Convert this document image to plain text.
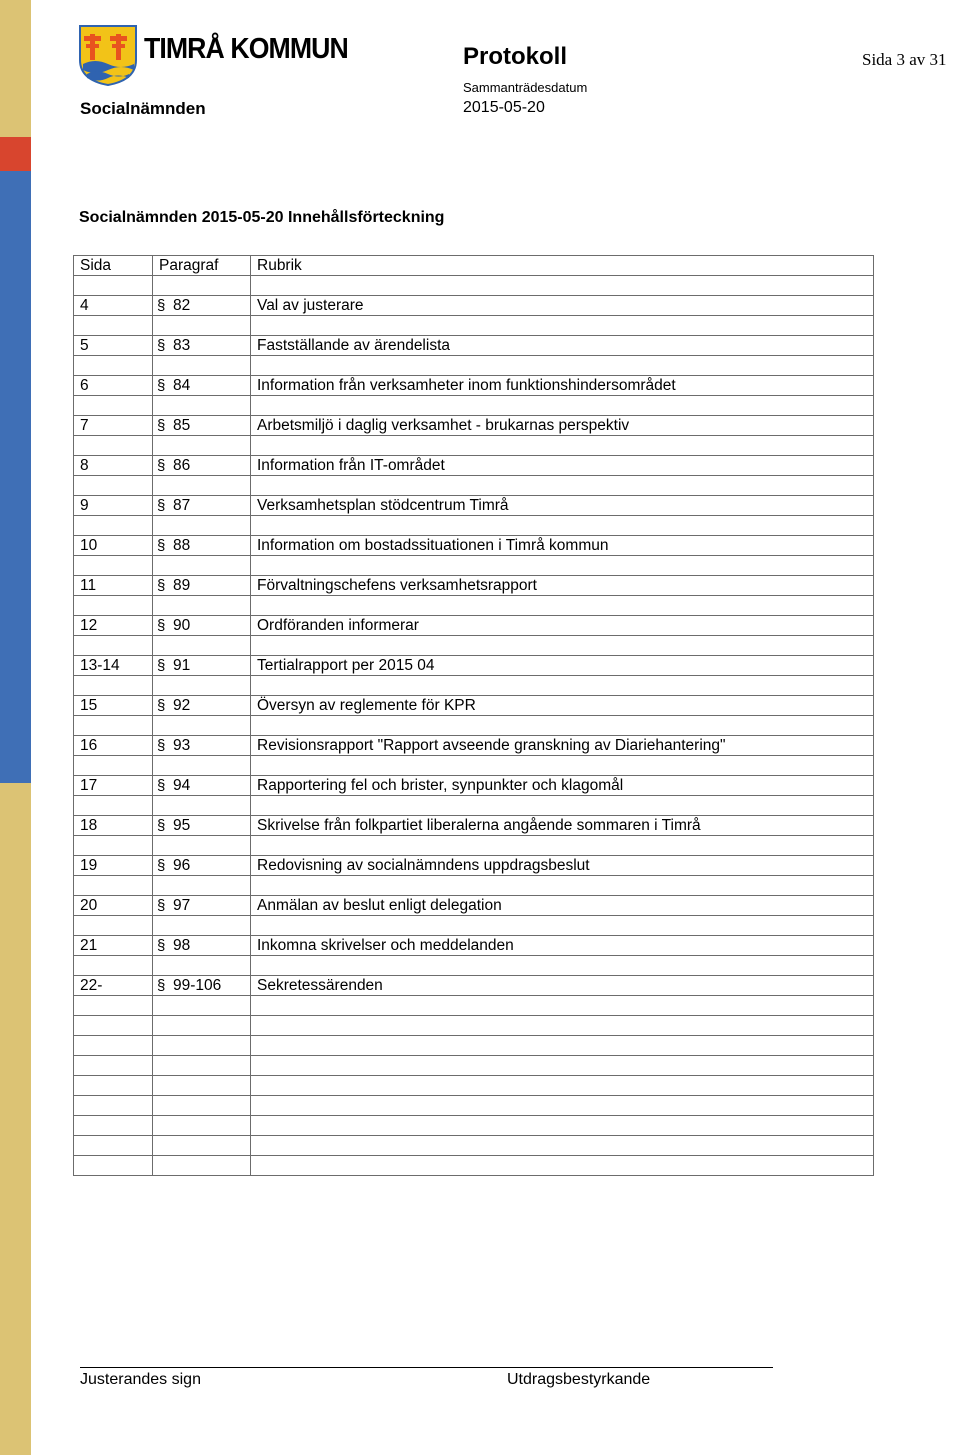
TIMRÅ KOMMUN
Socialnämnden
Protokoll
Sammanträdesdatum
2015-05-20
Sida 3 av 31
Socialnämnden 2015-05-20 Innehållsförteckning
Sida	Paragraf	Rubrik

4	§ 82	Val av justerare

5	§ 83	Fastställande av ärendelista

6	§ 84	Information från verksamheter inom funktionshindersområdet

7	§ 85	Arbetsmiljö i daglig verksamhet - brukarnas perspektiv

8	§ 86	Information från IT-området

9	§ 87	Verksamhetsplan stödcentrum Timrå

10	§ 88	Information om bostadssituationen i Timrå kommun

11	§ 89	Förvaltningschefens verksamhetsrapport

12	§ 90	Ordföranden informerar

13-14	§ 91	Tertialrapport per 2015 04

15	§ 92	Översyn av reglemente för KPR

16	§ 93	Revisionsrapport "Rapport avseende granskning av Diariehantering"

17	§ 94	Rapportering fel och brister, synpunkter och klagomål

18	§ 95	Skrivelse från folkpartiet liberalerna angående sommaren i Timrå

19	§ 96	Redovisning av socialnämndens uppdragsbeslut

20	§ 97	Anmälan av beslut enligt delegation

21	§ 98	Inkomna skrivelser och meddelanden

22-	§ 99-106	Sekretessärenden

Justerandes sign	Utdragsbestyrkande
